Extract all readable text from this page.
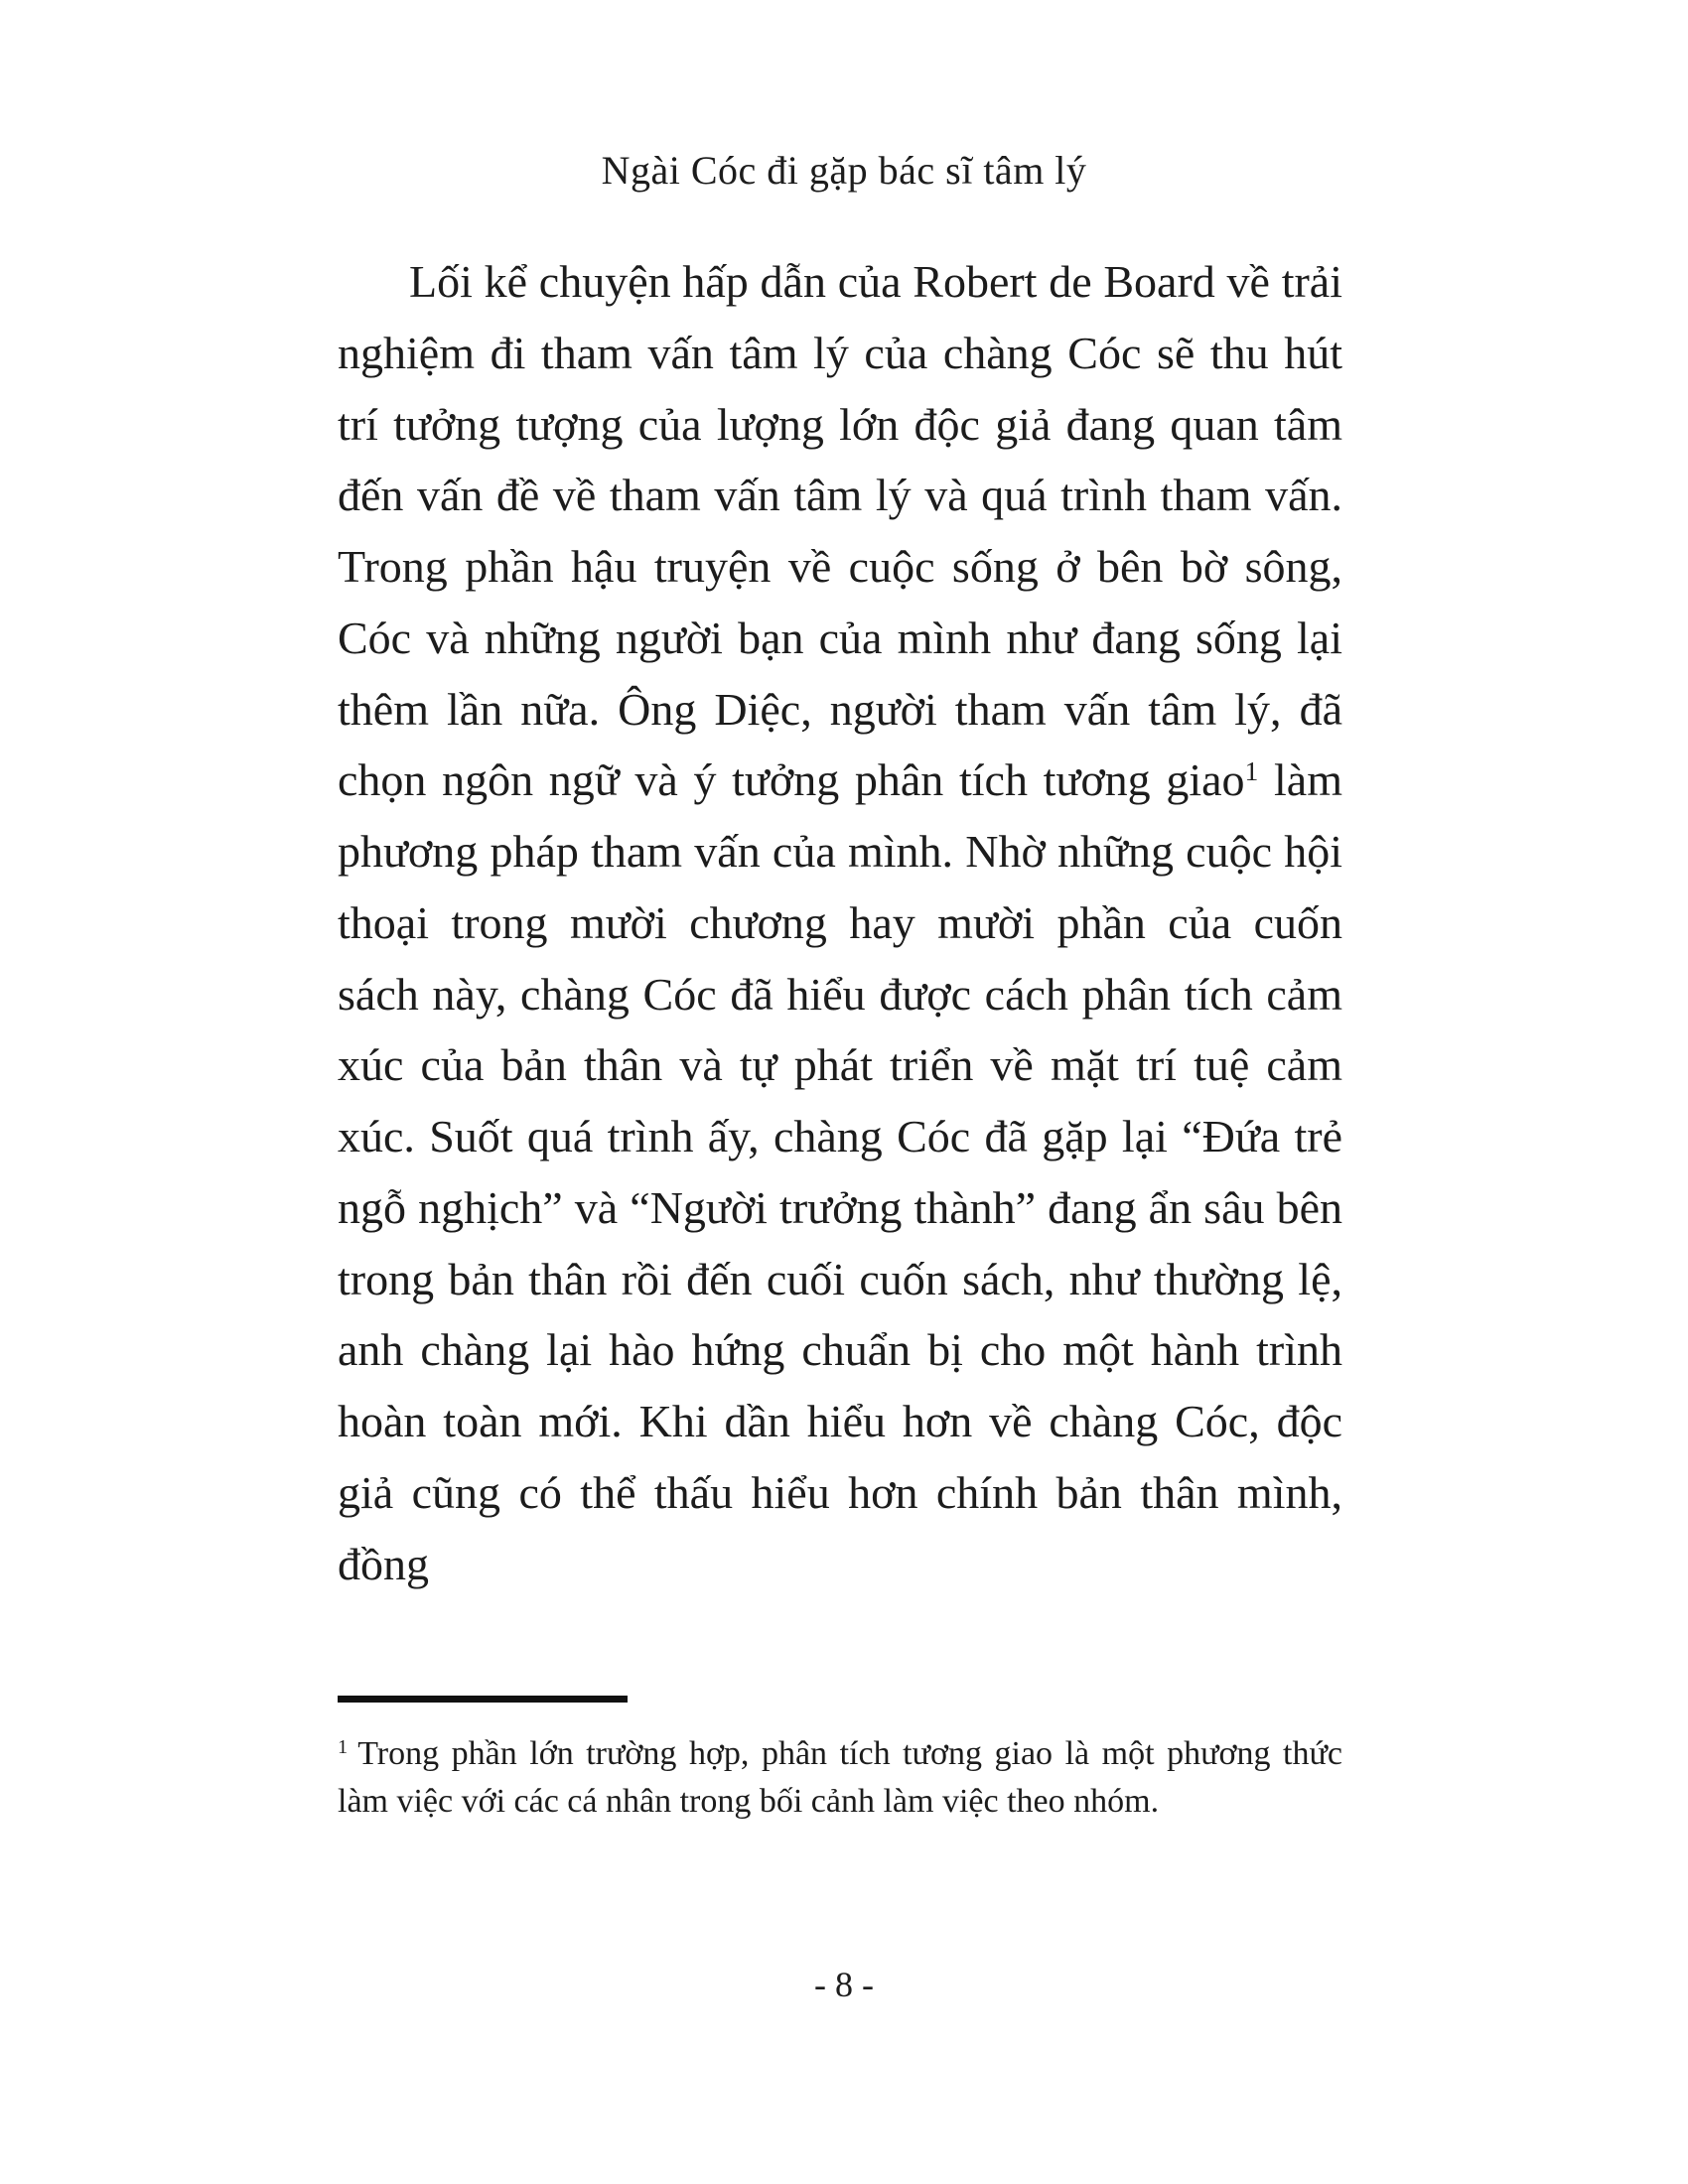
Ngài Cóc đi gặp bác sĩ tâm lý

Lối kể chuyện hấp dẫn của Robert de Board về trải nghiệm đi tham vấn tâm lý của chàng Cóc sẽ thu hút trí tưởng tượng của lượng lớn độc giả đang quan tâm đến vấn đề về tham vấn tâm lý và quá trình tham vấn. Trong phần hậu truyện về cuộc sống ở bên bờ sông, Cóc và những người bạn của mình như đang sống lại thêm lần nữa. Ông Diệc, người tham vấn tâm lý, đã chọn ngôn ngữ và ý tưởng phân tích tương giao$^1$ làm phương pháp tham vấn của mình. Nhờ những cuộc hội thoại trong mười chương hay mười phần của cuốn sách này, chàng Cóc đã hiểu được cách phân tích cảm xúc của bản thân và tự phát triển về mặt trí tuệ cảm xúc. Suốt quá trình ấy, chàng Cóc đã gặp lại “Đứa trẻ ngỗ nghịch” và “Người trưởng thành” đang ẩn sâu bên trong bản thân rồi đến cuối cuốn sách, như thường lệ, anh chàng lại hào hứng chuẩn bị cho một hành trình hoàn toàn mới. Khi dần hiểu hơn về chàng Cóc, độc giả cũng có thể thấu hiểu hơn chính bản thân mình, đồng

$^1$ Trong phần lớn trường hợp, phân tích tương giao là một phương thức làm việc với các cá nhân trong bối cảnh làm việc theo nhóm.

- 8 -
